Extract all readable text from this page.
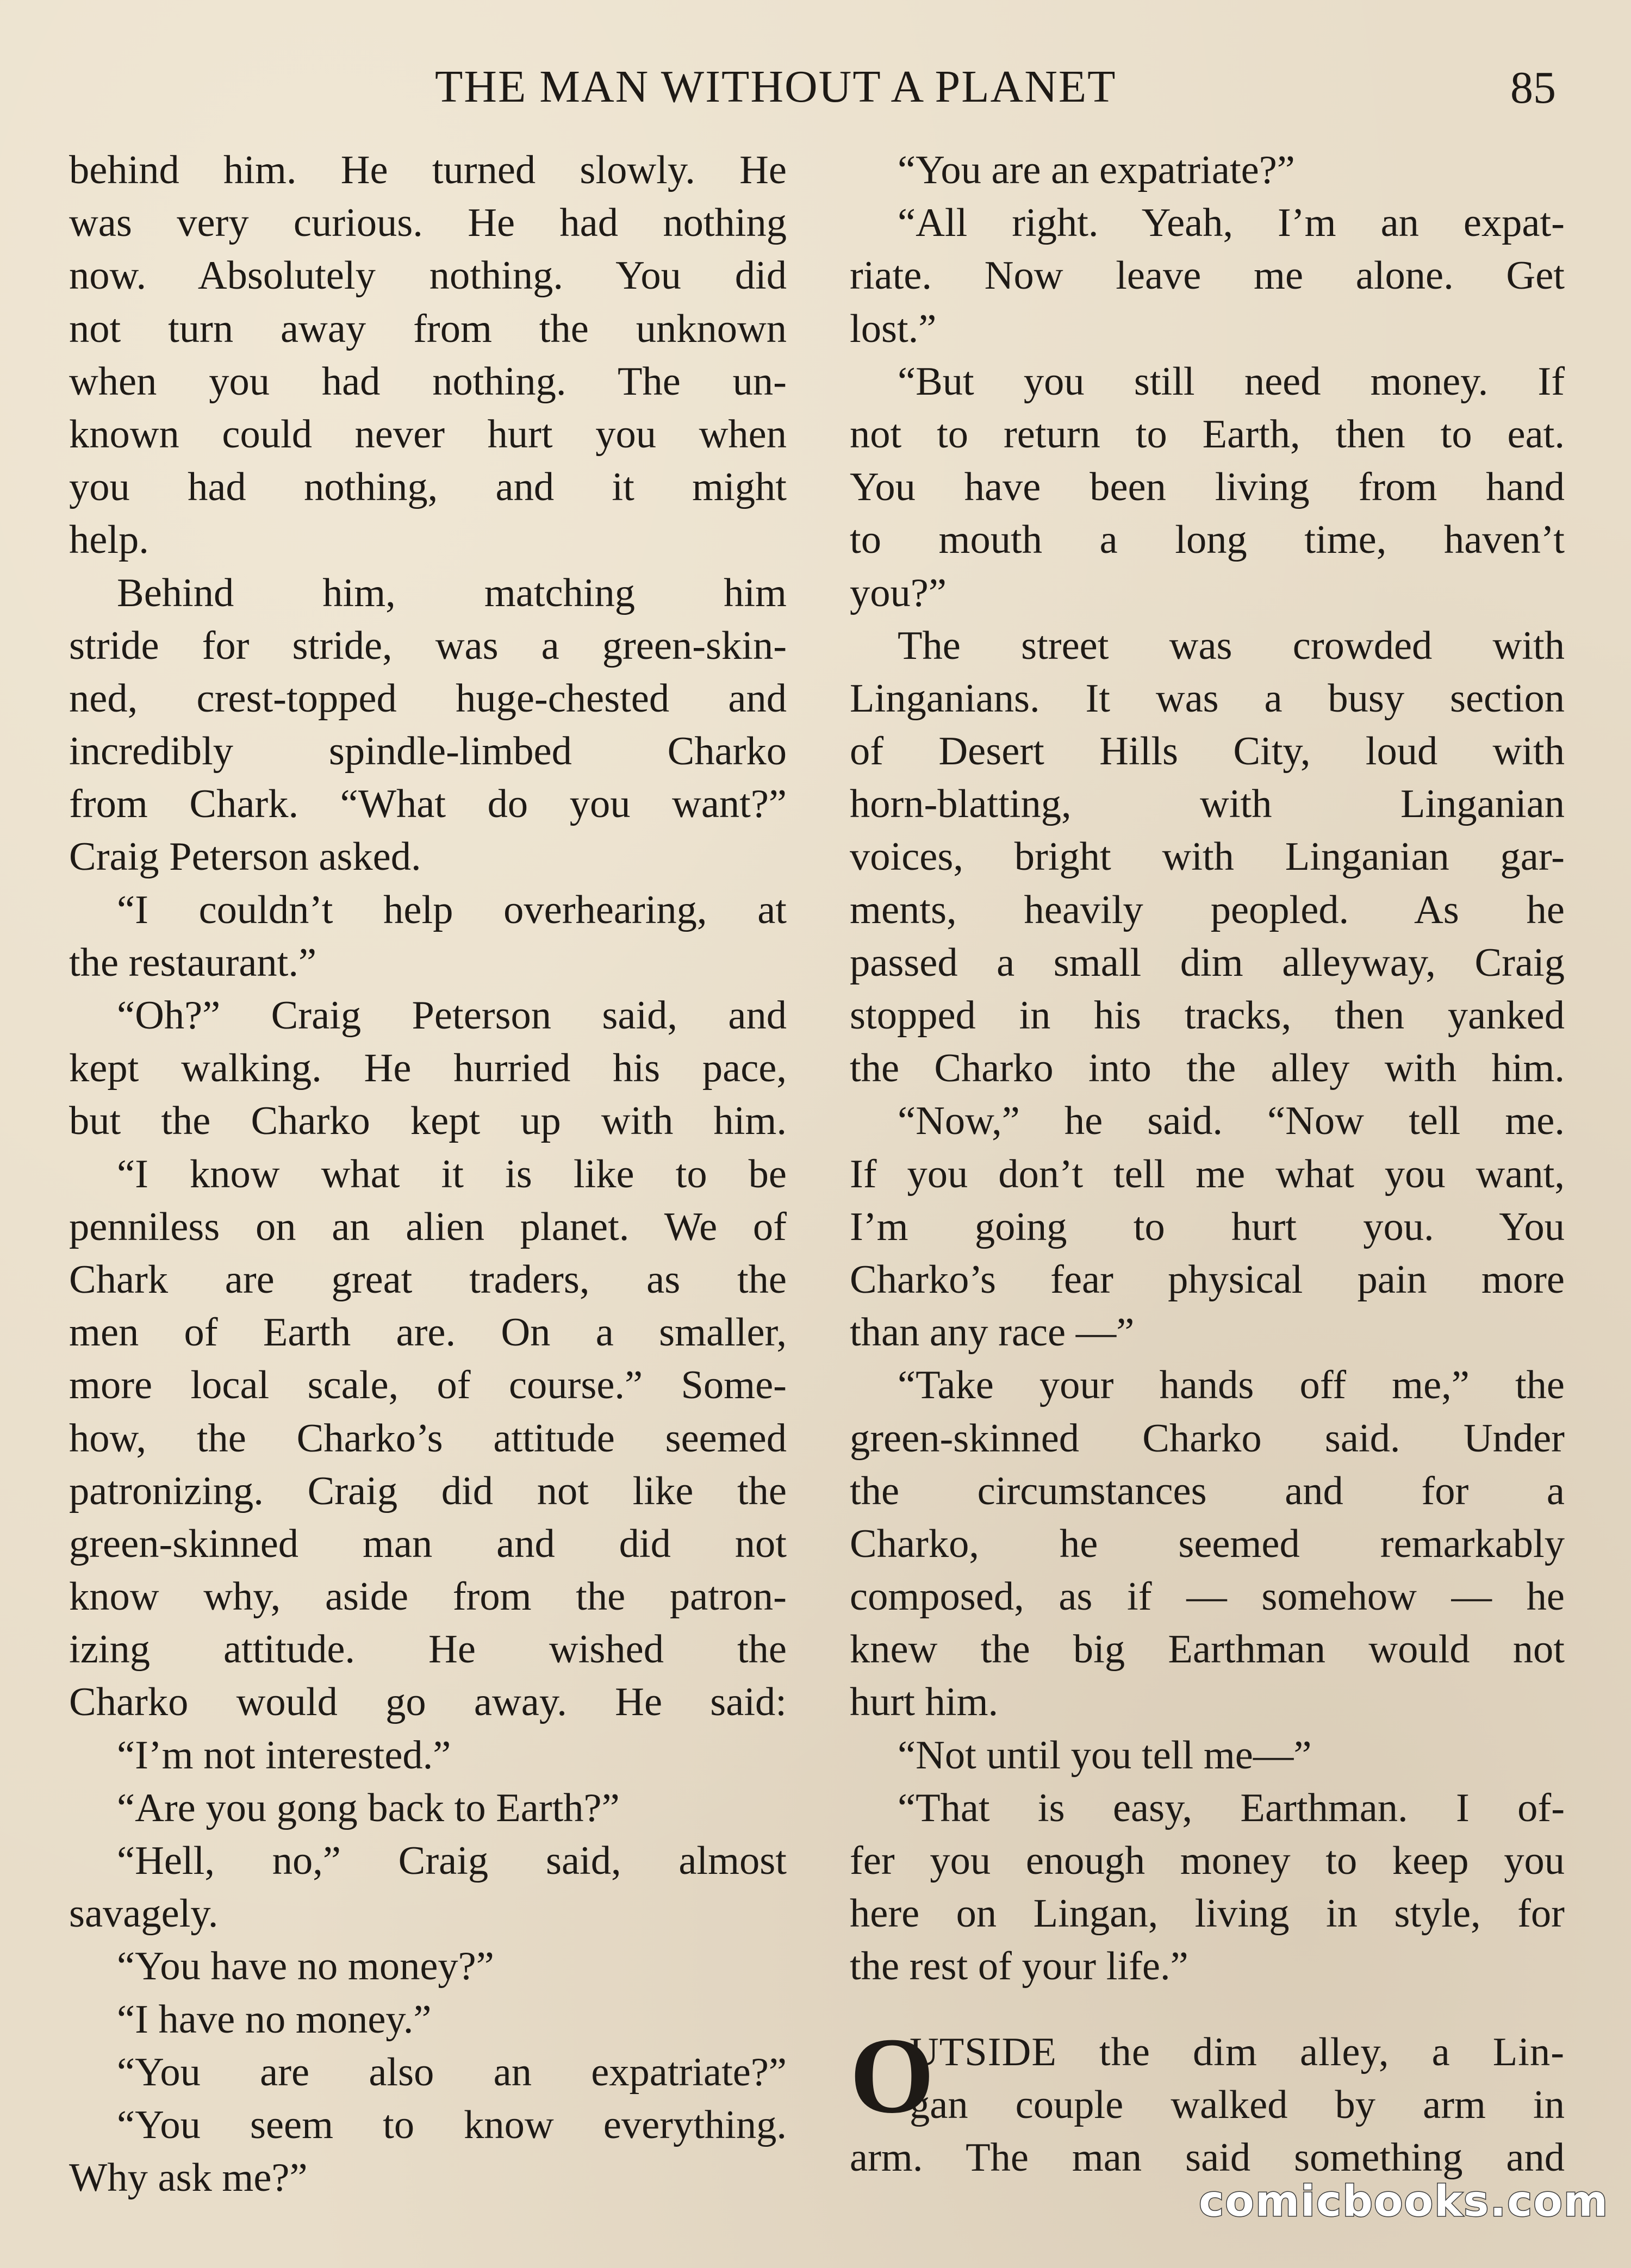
THE MAN WITHOUT A PLANET	85
behind him. He turned slowly. He
was very curious. He had nothing
now. Absolutely nothing. You did
not turn away from the unknown
when you had nothing. The un-
known could never hurt you when
you had nothing, and it might
help.
Behind him, matching him
stride for stride, was a green-skin-
ned, crest-topped huge-chested and
incredibly spindle-limbed Charko
from Chark. “What do you want?”
Craig Peterson asked.
“I couldn’t help overhearing, at
the restaurant.”
“Oh?” Craig Peterson said, and
kept walking. He hurried his pace,
but the Charko kept up with him.
“I know what it is like to be
penniless on an alien planet. We of
Chark are great traders, as the
men of Earth are. On a smaller,
more local scale, of course.” Some-
how, the Charko’s attitude seemed
patronizing. Craig did not like the
green-skinned man and did not
know why, aside from the patron-
izing attitude. He wished the
Charko would go away. He said:
“I’m not interested.”
“Are you gong back to Earth?”
“Hell, no,” Craig said, almost
savagely.
“You have no money?”
“I have no money.”
“You are also an expatriate?”
“You seem to know everything.
Why ask me?”
“You are an expatriate?”
“All right. Yeah, I’m an expat-
riate. Now leave me alone. Get
lost.”
“But you still need money. If
not to return to Earth, then to eat.
You have been living from hand
to mouth a long time, haven’t
you?”
The street was crowded with
Linganians. It was a busy section
of Desert Hills City, loud with
horn-blatting, with Linganian
voices, bright with Linganian gar-
ments, heavily peopled. As he
passed a small dim alleyway, Craig
stopped in his tracks, then yanked
the Charko into the alley with him.
“Now,” he said. “Now tell me.
If you don’t tell me what you want,
I’m going to hurt you. You
Charko’s fear physical pain more
than any race —”
“Take your hands off me,” the
green-skinned Charko said. Under
the circumstances and for a
Charko, he seemed remarkably
composed, as if — somehow — he
knew the big Earthman would not
hurt him.
“Not until you tell me—”
“That is easy, Earthman. I of-
fer you enough money to keep you
here on Lingan, living in style, for
the rest of your life.”
O
UTSIDE the dim alley, a Lin-
gan couple walked by arm in
arm. The man said something and
comicbooks.com
